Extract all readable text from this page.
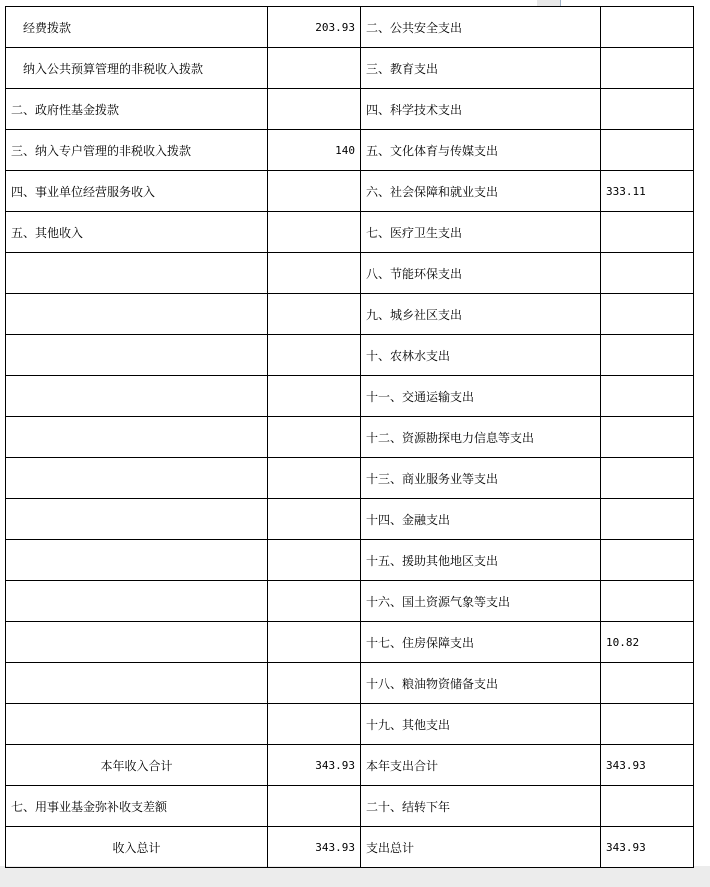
经费拨款	203.93	二、公共安全支出	
纳入公共预算管理的非税收入拨款		三、教育支出	
二、政府性基金拨款		四、科学技术支出	
三、纳入专户管理的非税收入拨款	140	五、文化体育与传媒支出	
四、事业单位经营服务收入		六、社会保障和就业支出	333.11
五、其他收入		七、医疗卫生支出	
		八、节能环保支出	
		九、城乡社区支出	
		十、农林水支出	
		十一、交通运输支出	
		十二、资源勘探电力信息等支出	
		十三、商业服务业等支出	
		十四、金融支出	
		十五、援助其他地区支出	
		十六、国土资源气象等支出	
		十七、住房保障支出	10.82
		十八、粮油物资储备支出	
		十九、其他支出	
本年收入合计	343.93	本年支出合计	343.93
七、用事业基金弥补收支差额		二十、结转下年	
收入总计	343.93	支出总计	343.93
